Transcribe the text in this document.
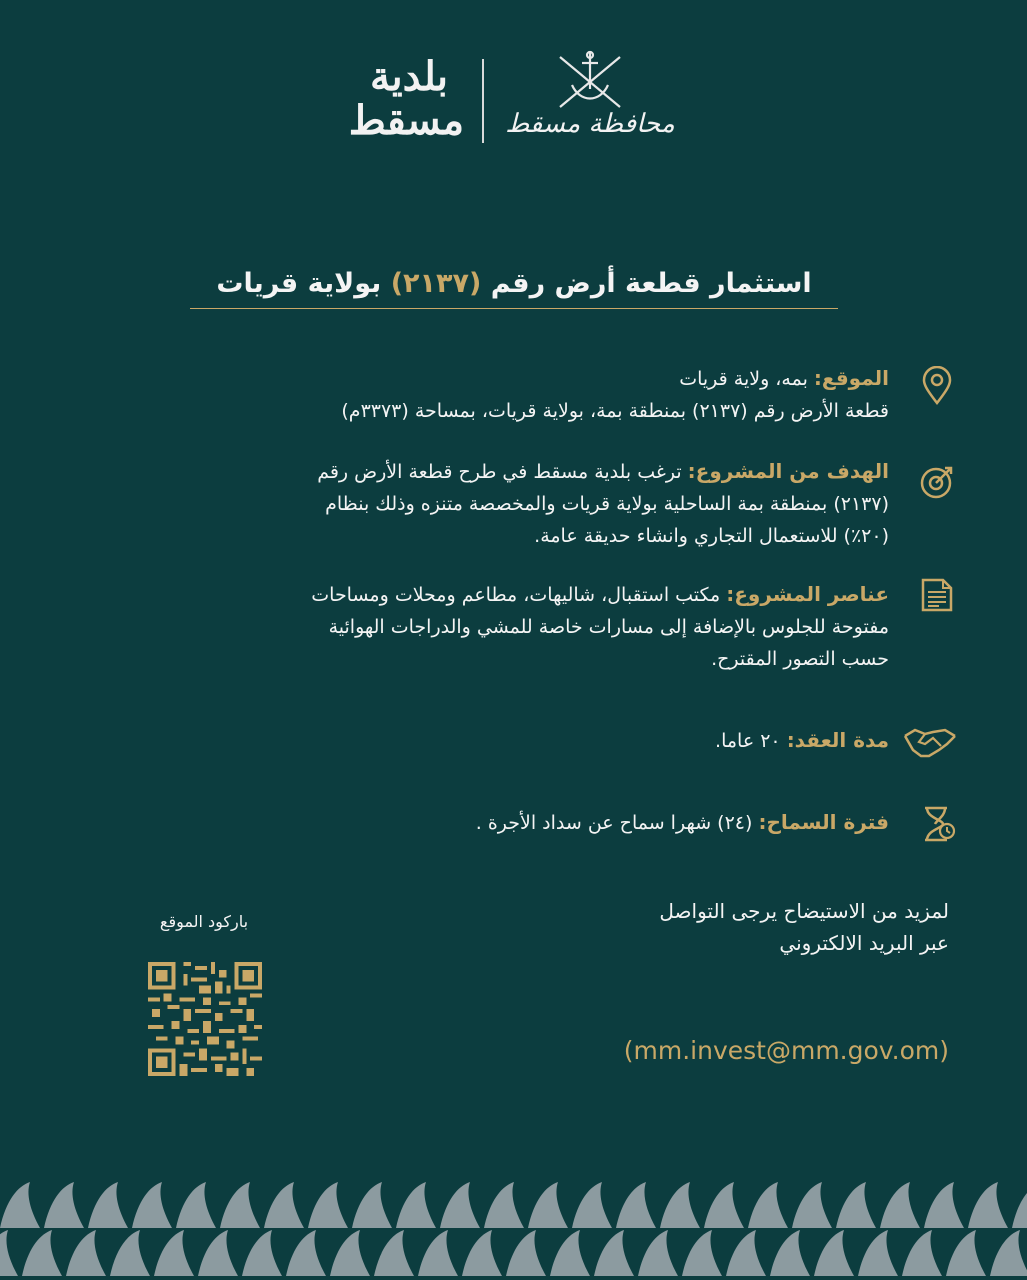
بلدية مسقط محافظة مسقط
استثمار قطعة أرض رقم (٢١٣٧) بولاية قريات
الموقع: بمه، ولاية قريات
قطعة الأرض رقم (٢١٣٧) بمنطقة بمة، بولاية قريات، بمساحة (٣٣٧٣م)
الهدف من المشروع: ترغب بلدية مسقط في طرح قطعة الأرض رقم
(٢١٣٧) بمنطقة بمة الساحلية بولاية قريات والمخصصة متنزه وذلك بنظام
(٢٠٪) للاستعمال التجاري وانشاء حديقة عامة.
عناصر المشروع: مكتب استقبال، شاليهات، مطاعم ومحلات ومساحات
مفتوحة للجلوس بالإضافة إلى مسارات خاصة للمشي والدراجات الهوائية
حسب التصور المقترح.
مدة العقد: ٢٠ عاما.
فترة السماح: (٢٤) شهرا سماح عن سداد الأجرة .
لمزيد من الاستيضاح يرجى التواصل
عبر البريد الالكتروني
(mm.invest@mm.gov.om)
باركود الموقع
